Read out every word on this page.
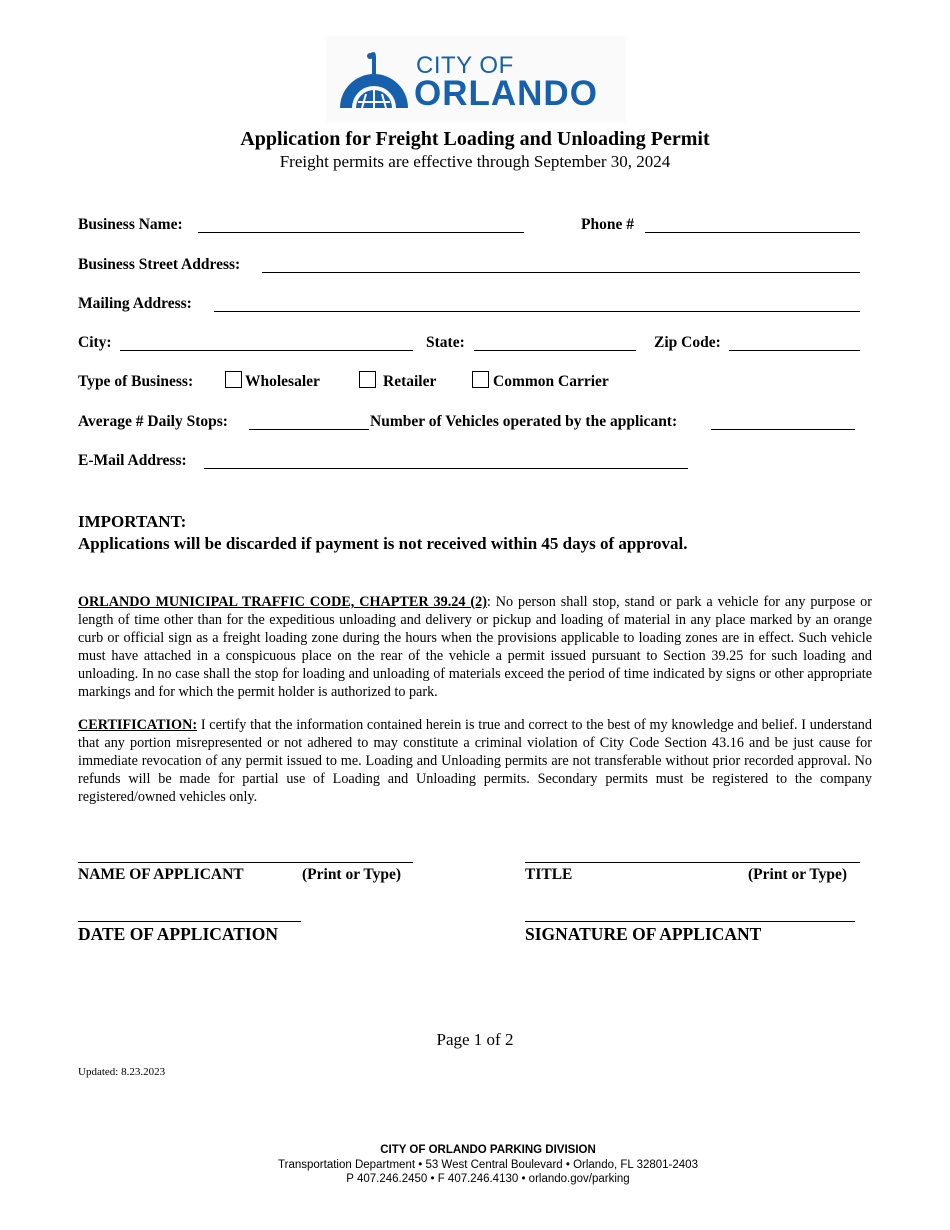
CITY OF
ORLANDO
Application for Freight Loading and Unloading Permit
Freight permits are effective through September 30, 2024
Business Name:	Phone #
Business Street Address:
Mailing Address:
City:	State:	Zip Code:
Type of Business:	Wholesaler	Retailer	Common Carrier
Average # Daily Stops:	Number of Vehicles operated by the applicant:
E-Mail Address:
IMPORTANT:
Applications will be discarded if payment is not received within 45 days of approval.
ORLANDO MUNICIPAL TRAFFIC CODE, CHAPTER 39.24 (2): No person shall stop, stand or park a vehicle for any purpose or length of time other than for the expeditious unloading and delivery or pickup and loading of material in any place marked by an orange curb or official sign as a freight loading zone during the hours when the provisions applicable to loading zones are in effect. Such vehicle must have attached in a conspicuous place on the rear of the vehicle a permit issued pursuant to Section 39.25 for such loading and unloading. In no case shall the stop for loading and unloading of materials exceed the period of time indicated by signs or other appropriate markings and for which the permit holder is authorized to park.
CERTIFICATION: I certify that the information contained herein is true and correct to the best of my knowledge and belief. I understand that any portion misrepresented or not adhered to may constitute a criminal violation of City Code Section 43.16 and be just cause for immediate revocation of any permit issued to me. Loading and Unloading permits are not transferable without prior recorded approval. No refunds will be made for partial use of Loading and Unloading permits. Secondary permits must be registered to the company registered/owned vehicles only.
NAME OF APPLICANT	(Print or Type)	TITLE	(Print or Type)
DATE OF APPLICATION	SIGNATURE OF APPLICANT
Page 1 of 2
Updated: 8.23.2023
CITY OF ORLANDO PARKING DIVISION
Transportation Department • 53 West Central Boulevard • Orlando, FL 32801-2403
P 407.246.2450 • F 407.246.4130 • orlando.gov/parking
